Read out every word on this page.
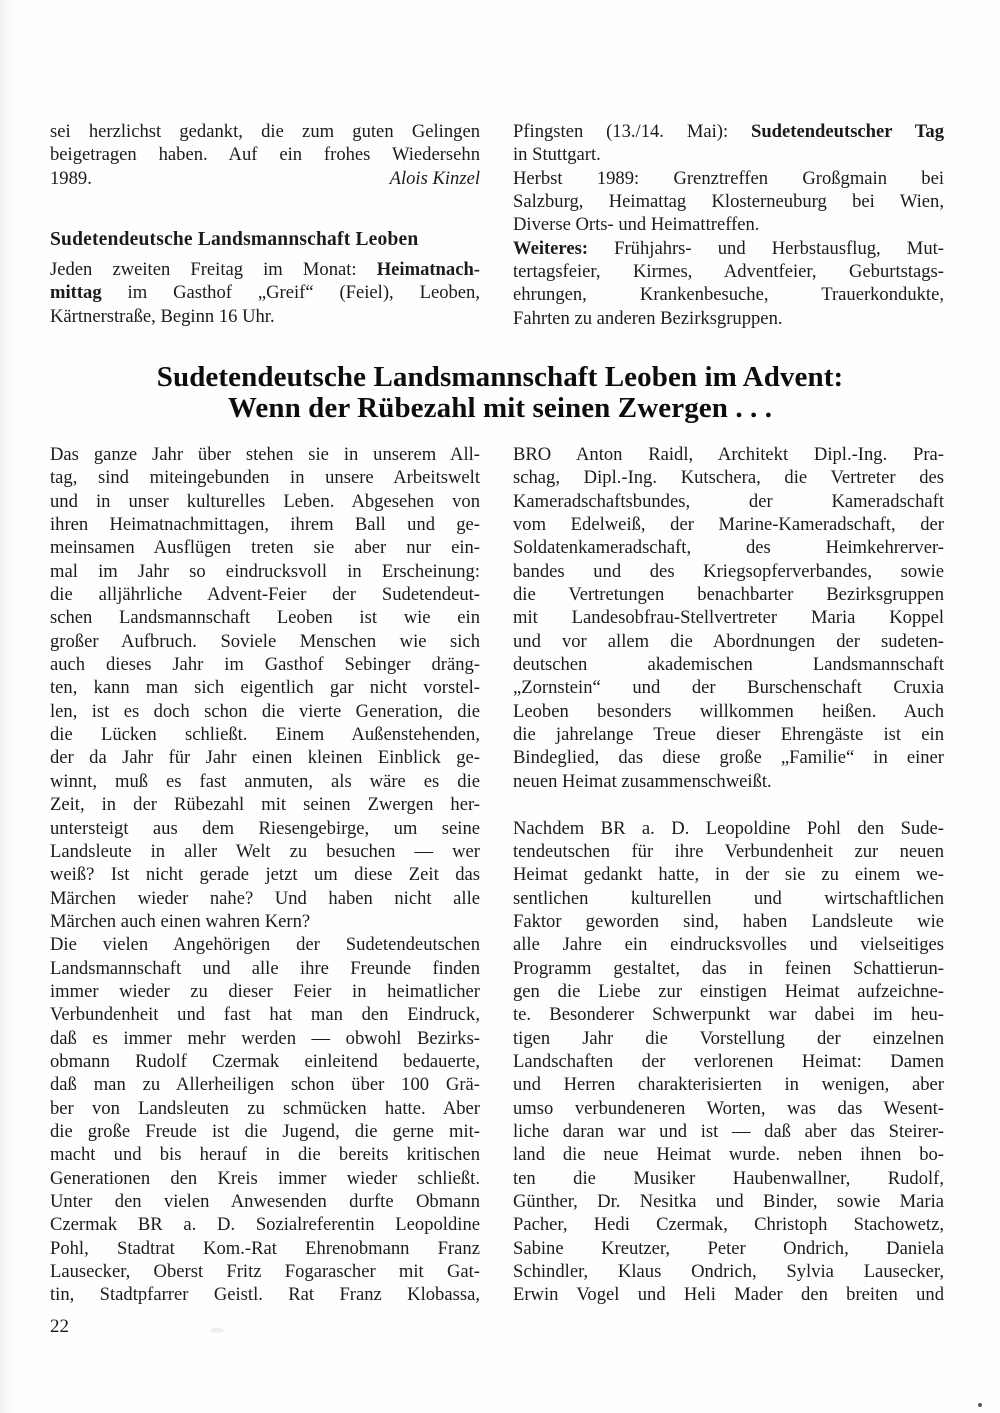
sei herzlichst gedankt, die zum guten Gelingen
beigetragen haben. Auf ein frohes Wiedersehn
1989.	Alois Kinzel
Sudetendeutsche Landsmannschaft Leoben
Jeden zweiten Freitag im Monat: Heimatnach-
mittag im Gasthof „Greif“ (Feiel), Leoben,
Kärtnerstraße, Beginn 16 Uhr.
Pfingsten (13./14. Mai): Sudetendeutscher Tag
in Stuttgart.
Herbst 1989: Grenztreffen Großgmain bei
Salzburg, Heimattag Klosterneuburg bei Wien,
Diverse Orts- und Heimattreffen.
Weiteres: Frühjahrs- und Herbstausflug, Mut-
tertagsfeier, Kirmes, Adventfeier, Geburtstags-
ehrungen, Krankenbesuche, Trauerkondukte,
Fahrten zu anderen Bezirksgruppen.
Sudetendeutsche Landsmannschaft Leoben im Advent:
Wenn der Rübezahl mit seinen Zwergen . . .
Das ganze Jahr über stehen sie in unserem All-
tag, sind miteingebunden in unsere Arbeitswelt
und in unser kulturelles Leben. Abgesehen von
ihren Heimatnachmittagen, ihrem Ball und ge-
meinsamen Ausflügen treten sie aber nur ein-
mal im Jahr so eindrucksvoll in Erscheinung:
die alljährliche Advent-Feier der Sudetendeut-
schen Landsmannschaft Leoben ist wie ein
großer Aufbruch. Soviele Menschen wie sich
auch dieses Jahr im Gasthof Sebinger dräng-
ten, kann man sich eigentlich gar nicht vorstel-
len, ist es doch schon die vierte Generation, die
die Lücken schließt. Einem Außenstehenden,
der da Jahr für Jahr einen kleinen Einblick ge-
winnt, muß es fast anmuten, als wäre es die
Zeit, in der Rübezahl mit seinen Zwergen her-
untersteigt aus dem Riesengebirge, um seine
Landsleute in aller Welt zu besuchen — wer
weiß? Ist nicht gerade jetzt um diese Zeit das
Märchen wieder nahe? Und haben nicht alle
Märchen auch einen wahren Kern?
Die vielen Angehörigen der Sudetendeutschen
Landsmannschaft und alle ihre Freunde finden
immer wieder zu dieser Feier in heimatlicher
Verbundenheit und fast hat man den Eindruck,
daß es immer mehr werden — obwohl Bezirks-
obmann Rudolf Czermak einleitend bedauerte,
daß man zu Allerheiligen schon über 100 Grä-
ber von Landsleuten zu schmücken hatte. Aber
die große Freude ist die Jugend, die gerne mit-
macht und bis herauf in die bereits kritischen
Generationen den Kreis immer wieder schließt.
Unter den vielen Anwesenden durfte Obmann
Czermak BR a. D. Sozialreferentin Leopoldine
Pohl, Stadtrat Kom.-Rat Ehrenobmann Franz
Lausecker, Oberst Fritz Fogarascher mit Gat-
tin, Stadtpfarrer Geistl. Rat Franz Klobassa,
BRO Anton Raidl, Architekt Dipl.-Ing. Pra-
schag, Dipl.-Ing. Kutschera, die Vertreter des
Kameradschaftsbundes, der Kameradschaft
vom Edelweiß, der Marine-Kameradschaft, der
Soldatenkameradschaft, des Heimkehrerver-
bandes und des Kriegsopferverbandes, sowie
die Vertretungen benachbarter Bezirksgruppen
mit Landesobfrau-Stellvertreter Maria Koppel
und vor allem die Abordnungen der sudeten-
deutschen akademischen Landsmannschaft
„Zornstein“ und der Burschenschaft Cruxia
Leoben besonders willkommen heißen. Auch
die jahrelange Treue dieser Ehrengäste ist ein
Bindeglied, das diese große „Familie“ in einer
neuen Heimat zusammenschweißt.
Nachdem BR a. D. Leopoldine Pohl den Sude-
tendeutschen für ihre Verbundenheit zur neuen
Heimat gedankt hatte, in der sie zu einem we-
sentlichen kulturellen und wirtschaftlichen
Faktor geworden sind, haben Landsleute wie
alle Jahre ein eindrucksvolles und vielseitiges
Programm gestaltet, das in feinen Schattierun-
gen die Liebe zur einstigen Heimat aufzeichne-
te. Besonderer Schwerpunkt war dabei im heu-
tigen Jahr die Vorstellung der einzelnen
Landschaften der verlorenen Heimat: Damen
und Herren charakterisierten in wenigen, aber
umso verbundeneren Worten, was das Wesent-
liche daran war und ist — daß aber das Steirer-
land die neue Heimat wurde. neben ihnen bo-
ten die Musiker Haubenwallner, Rudolf,
Günther, Dr. Nesitka und Binder, sowie Maria
Pacher, Hedi Czermak, Christoph Stachowetz,
Sabine Kreutzer, Peter Ondrich, Daniela
Schindler, Klaus Ondrich, Sylvia Lausecker,
Erwin Vogel und Heli Mader den breiten und
22
